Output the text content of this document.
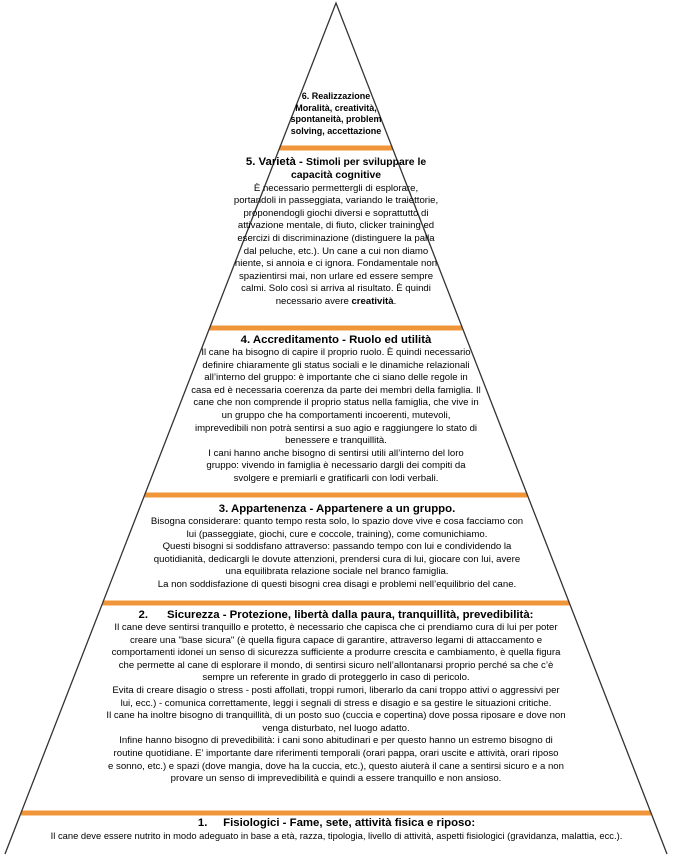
6. Realizzazione
Moralità, creatività,
spontaneità, problem
solving, accettazione
5. Varietà - Stimoli per sviluppare le
capacità cognitive
È necessario permettergli di esplorare,
portandoli in passeggiata, variando le traiettorie,
proponendogli giochi diversi e soprattutto di
attivazione mentale, di fiuto, clicker training ed
esercizi di discriminazione (distinguere la palla
dal peluche, etc.). Un cane a cui non diamo
niente, si annoia e ci ignora. Fondamentale non
spazientirsi mai, non urlare ed essere sempre
calmi. Solo così si arriva al risultato. È quindi
necessario avere creatività.
4. Accreditamento - Ruolo ed utilità
Il cane ha bisogno di capire il proprio ruolo. È quindi necessario
definire chiaramente gli status sociali e le dinamiche relazionali
all’interno del gruppo: è importante che ci siano delle regole in
casa ed è necessaria coerenza da parte dei membri della famiglia. Il
cane che non comprende il proprio status nella famiglia, che vive in
un gruppo che ha comportamenti incoerenti, mutevoli,
imprevedibili non potrà sentirsi a suo agio e raggiungere lo stato di
benessere e tranquillità.
I cani hanno anche bisogno di sentirsi utili all’interno del loro
gruppo: vivendo in famiglia è necessario dargli dei compiti da
svolgere e premiarli e gratificarli con lodi verbali.
3. Appartenenza - Appartenere a un gruppo.
Bisogna considerare: quanto tempo resta solo, lo spazio dove vive e cosa facciamo con
lui (passeggiate, giochi, cure e coccole, training), come comunichiamo.
Questi bisogni si soddisfano attraverso: passando tempo con lui e condividendo la
quotidianità, dedicargli le dovute attenzioni, prendersi cura di lui, giocare con lui, avere
una equilibrata relazione sociale nel branco famiglia.
La non soddisfazione di questi bisogni crea disagi e problemi nell’equilibrio del cane.
2.      Sicurezza - Protezione, libertà dalla paura, tranquillità, prevedibilità:
Il cane deve sentirsi tranquillo e protetto, è necessario che capisca che ci prendiamo cura di lui per poter
creare una "base sicura" (è quella figura capace di garantire, attraverso legami di attaccamento e
comportamenti idonei un senso di sicurezza sufficiente a produrre crescita e cambiamento, è quella figura
che permette al cane di esplorare il mondo, di sentirsi sicuro nell’allontanarsi proprio perché sa che c’è
sempre un referente in grado di proteggerlo in caso di pericolo.
Evita di creare disagio o stress - posti affollati, troppi rumori, liberarlo da cani troppo attivi o aggressivi per
lui, ecc.) - comunica correttamente, leggi i segnali di stress e disagio e sa gestire le situazioni critiche.
Il cane ha inoltre bisogno di tranquillità, di un posto suo (cuccia e copertina) dove possa riposare e dove non
venga disturbato, nel luogo adatto.
Infine hanno bisogno di prevedibilità: i cani sono abitudinari e per questo hanno un estremo bisogno di
routine quotidiane. E’ importante dare riferimenti temporali (orari pappa, orari uscite e attività, orari riposo
e sonno, etc.) e spazi (dove mangia, dove ha la cuccia, etc.), questo aiuterà il cane a sentirsi sicuro e a non
provare un senso di imprevedibilità e quindi a essere tranquillo e non ansioso.
1.     Fisiologici - Fame, sete, attività fisica e riposo:
Il cane deve essere nutrito in modo adeguato in base a età, razza, tipologia, livello di attività, aspetti fisiologici (gravidanza, malattia, ecc.).
